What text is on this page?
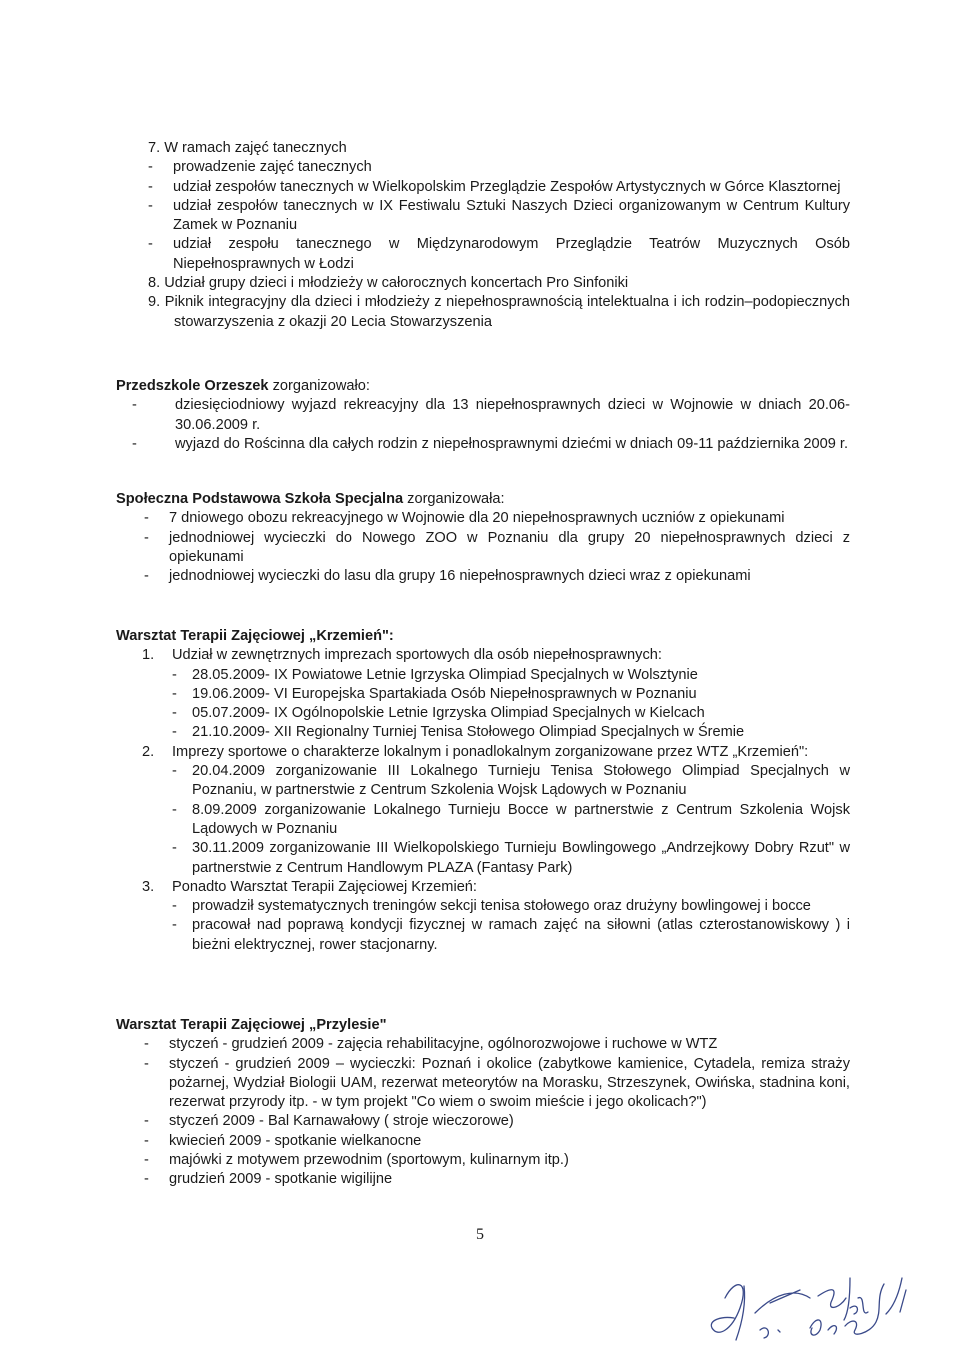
7. W ramach zajęć tanecznych

-	prowadzenie zajęć tanecznych
-	udział zespołów tanecznych w Wielkopolskim Przeglądzie Zespołów Artystycznych w Górce Klasztornej
-	udział zespołów tanecznych w IX Festiwalu Sztuki Naszych Dzieci organizowanym w Centrum Kultury Zamek w Poznaniu
-	udział zespołu tanecznego w Międzynarodowym Przeglądzie Teatrów Muzycznych Osób Niepełnosprawnych w Łodzi

8. Udział grupy dzieci i młodzieży w całorocznych koncertach Pro Sinfoniki

9. Piknik integracyjny dla dzieci i młodzieży z niepełnosprawnością intelektualna i ich rodzin–podopiecznych stowarzyszenia z okazji 20 Lecia Stowarzyszenia

Przedszkole Orzeszek zorganizowało:

-	dziesięciodniowy wyjazd rekreacyjny dla 13 niepełnosprawnych dzieci w Wojnowie w dniach 20.06-30.06.2009 r.
-	wyjazd do Rościnna dla całych rodzin z niepełnosprawnymi dziećmi w dniach 09-11 października 2009 r.

Społeczna Podstawowa Szkoła Specjalna zorganizowała:

-	7 dniowego obozu rekreacyjnego w Wojnowie dla 20 niepełnosprawnych uczniów z opiekunami
-	jednodniowej wycieczki do Nowego ZOO w Poznaniu dla grupy 20 niepełnosprawnych dzieci z opiekunami
-	jednodniowej wycieczki do lasu dla grupy 16 niepełnosprawnych dzieci wraz z opiekunami

Warsztat Terapii Zajęciowej „Krzemień":

1.	Udział w zewnętrznych imprezach sportowych dla osób niepełnosprawnych:
-	28.05.2009- IX Powiatowe Letnie Igrzyska Olimpiad Specjalnych w Wolsztynie
-	19.06.2009- VI Europejska Spartakiada Osób Niepełnosprawnych w Poznaniu
-	05.07.2009- IX Ogólnopolskie Letnie Igrzyska Olimpiad Specjalnych w Kielcach
-	21.10.2009- XII Regionalny Turniej Tenisa Stołowego Olimpiad Specjalnych w Śremie
2.	Imprezy sportowe o charakterze lokalnym i ponadlokalnym zorganizowane przez WTZ „Krzemień":
-	20.04.2009 zorganizowanie III Lokalnego Turnieju Tenisa Stołowego Olimpiad Specjalnych w Poznaniu, w partnerstwie z Centrum Szkolenia Wojsk Lądowych w Poznaniu
-	8.09.2009 zorganizowanie Lokalnego Turnieju Bocce w partnerstwie z Centrum Szkolenia Wojsk Lądowych w Poznaniu
-	30.11.2009 zorganizowanie III Wielkopolskiego Turnieju Bowlingowego „Andrzejkowy Dobry Rzut" w partnerstwie z Centrum Handlowym PLAZA (Fantasy Park)
3.	Ponadto Warsztat Terapii Zajęciowej Krzemień:
-	prowadził systematycznych treningów sekcji tenisa stołowego oraz drużyny bowlingowej i bocce
-	pracował nad poprawą kondycji fizycznej w ramach zajęć na siłowni (atlas czterostanowiskowy ) i bieżni elektrycznej, rower stacjonarny.

Warsztat Terapii Zajęciowej „Przylesie"

-	styczeń - grudzień 2009 - zajęcia rehabilitacyjne, ogólnorozwojowe i ruchowe w WTZ
-	styczeń - grudzień 2009 – wycieczki: Poznań i okolice (zabytkowe kamienice, Cytadela, remiza straży pożarnej, Wydział Biologii UAM, rezerwat meteorytów na Morasku, Strzeszynek, Owińska, stadnina koni, rezerwat przyrody itp. - w tym projekt "Co wiem o swoim mieście i jego okolicach?")
-	styczeń 2009 - Bal Karnawałowy ( stroje wieczorowe)
-	kwiecień 2009 - spotkanie wielkanocne
-	majówki z motywem przewodnim (sportowym, kulinarnym itp.)
-	grudzień 2009 - spotkanie wigilijne
5
